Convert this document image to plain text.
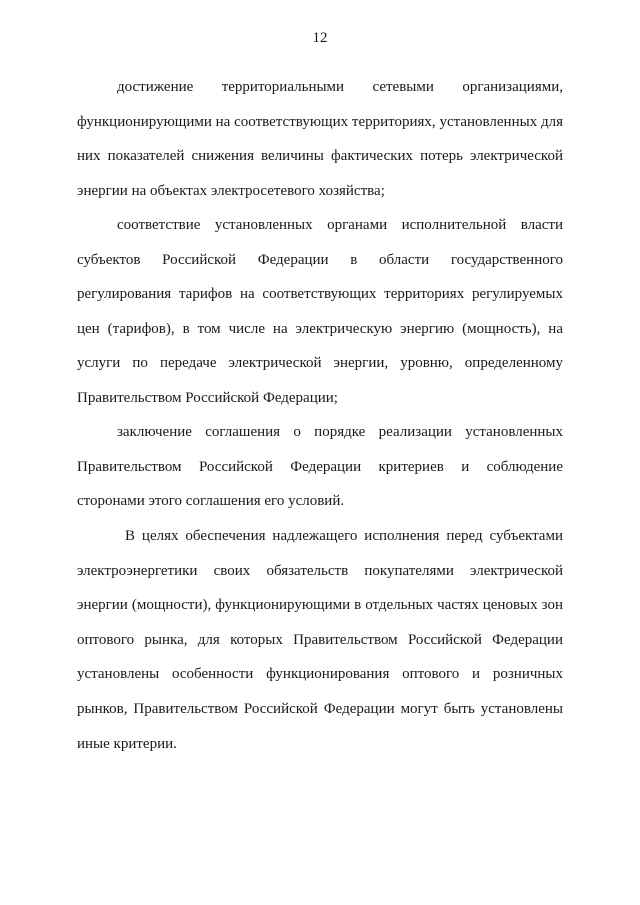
12

достижение территориальными сетевыми организациями, функционирующими на соответствующих территориях, установленных для них показателей снижения величины фактических потерь электрической энергии на объектах электросетевого хозяйства;

соответствие установленных органами исполнительной власти субъектов Российской Федерации в области государственного регулирования тарифов на соответствующих территориях регулируемых цен (тарифов), в том числе на электрическую энергию (мощность), на услуги по передаче электрической энергии, уровню, определенному Правительством Российской Федерации;

заключение соглашения о порядке реализации установленных Правительством Российской Федерации критериев и соблюдение сторонами этого соглашения его условий.

В целях обеспечения надлежащего исполнения перед субъектами электроэнергетики своих обязательств покупателями электрической энергии (мощности), функционирующими в отдельных частях ценовых зон оптового рынка, для которых Правительством Российской Федерации установлены особенности функционирования оптового и розничных рынков, Правительством Российской Федерации могут быть установлены иные критерии.
